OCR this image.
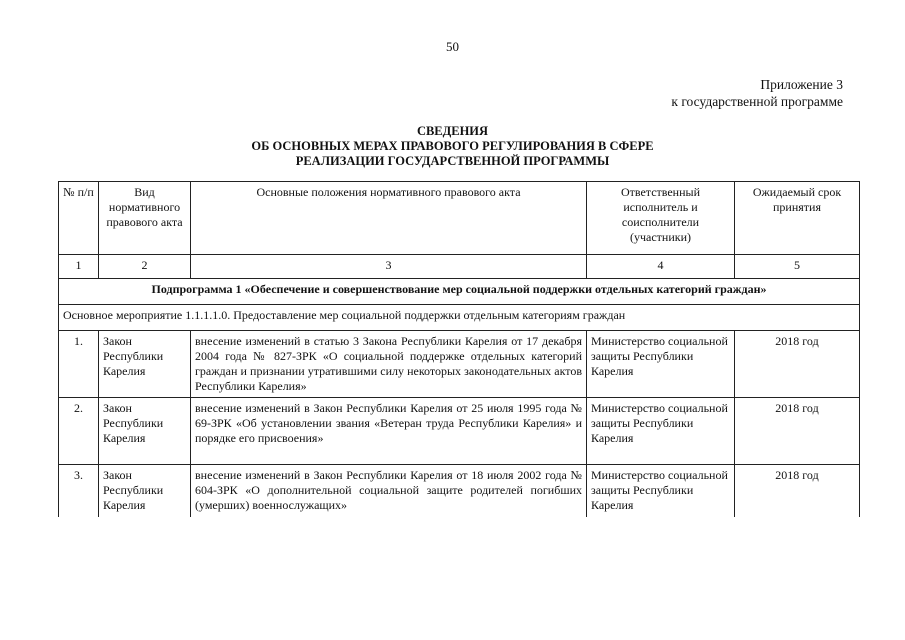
50
Приложение 3
к государственной программе
СВЕДЕНИЯ
ОБ ОСНОВНЫХ МЕРАХ ПРАВОВОГО РЕГУЛИРОВАНИЯ В СФЕРЕ
РЕАЛИЗАЦИИ ГОСУДАРСТВЕННОЙ ПРОГРАММЫ
№ п/п	Вид нормативного правового акта	Основные положения нормативного правового акта	Ответственный исполнитель и соисполнители (участники)	Ожидаемый срок принятия
1	2	3	4	5
Подпрограмма 1 «Обеспечение и совершенствование мер социальной поддержки отдельных категорий граждан»				
Основное мероприятие 1.1.1.1.0. Предоставление мер социальной поддержки отдельным категориям граждан				
1.	Закон Республики Карелия	внесение изменений в статью 3 Закона Республики Карелия от 17 декабря 2004 года № 827-ЗРК «О социальной поддержке отдельных категорий граждан и признании утратившими силу некоторых законодательных актов Республики Карелия»	Министерство социальной защиты Республики Карелия	2018 год
2.	Закон Республики Карелия	внесение изменений в Закон Республики Карелия от 25 июля 1995 года № 69-ЗРК «Об установлении звания «Ветеран труда Республики Карелия» и порядке его присвоения»	Министерство социальной защиты Республики Карелия	2018 год
3.	Закон Республики Карелия	внесение изменений в Закон Республики Карелия от 18 июля 2002 года № 604-ЗРК «О дополнительной социальной защите родителей погибших (умерших) военнослужащих»	Министерство социальной защиты Республики Карелия	2018 год
